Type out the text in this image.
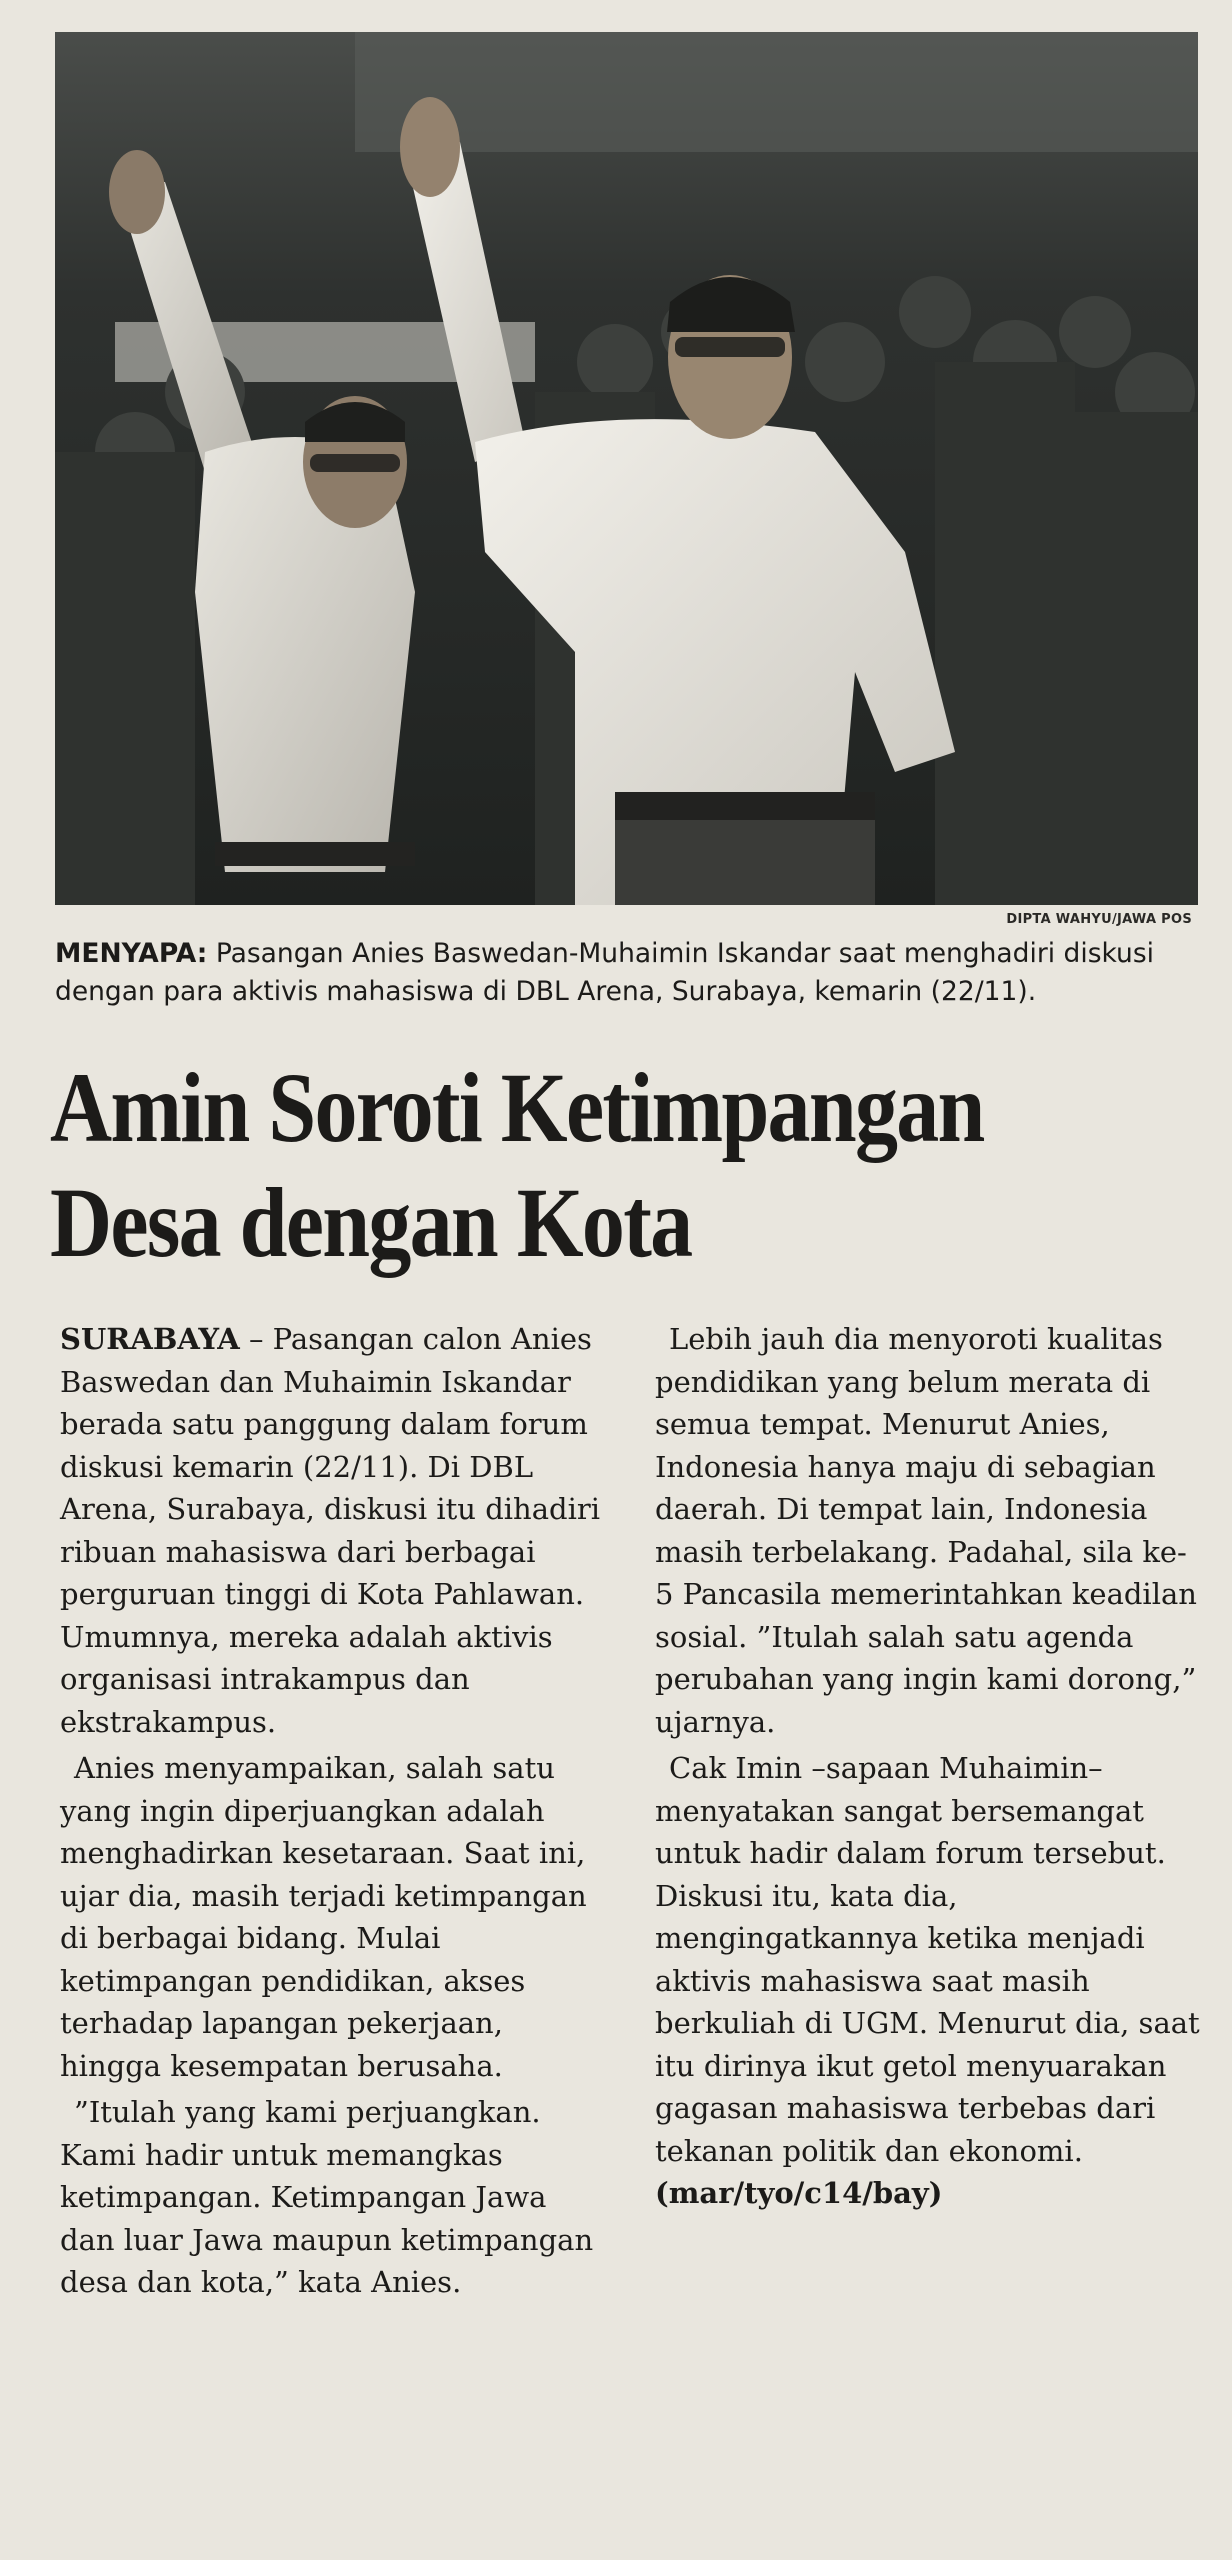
DIPTA WAHYU/JAWA POS
MENYAPA: Pasangan Anies Baswedan-Muhaimin Iskandar saat menghadiri diskusi dengan para aktivis mahasiswa di DBL Arena, Surabaya, kemarin (22/11).
Amin Soroti Ketimpangan
Desa dengan Kota

SURABAYA – Pasangan calon Anies Baswedan dan Muhaimin Iskandar berada satu panggung dalam forum diskusi kemarin (22/11). Di DBL Arena, Surabaya, diskusi itu dihadiri ribuan mahasiswa dari berbagai perguruan tinggi di Kota Pahlawan. Umumnya, mereka adalah aktivis organisasi intrakampus dan ekstrakampus.

Anies menyampaikan, salah satu yang ingin diperjuangkan adalah menghadirkan kesetaraan. Saat ini, ujar dia, masih terjadi ketimpangan di berbagai bidang. Mulai ketimpangan pendidikan, akses terhadap lapangan pekerjaan, hingga kesempatan berusaha.

”Itulah yang kami perjuangkan. Kami hadir untuk memangkas ketimpangan. Ketimpangan Jawa dan luar Jawa maupun ketimpangan desa dan kota,” kata Anies.

Lebih jauh dia menyoroti kualitas pendidikan yang belum merata di semua tempat. Menurut Anies, Indonesia hanya maju di sebagian daerah. Di tempat lain, Indonesia masih terbelakang. Padahal, sila ke-5 Pancasila memerintahkan keadilan sosial. ”Itulah salah satu agenda perubahan yang ingin kami dorong,” ujarnya.

Cak Imin –sapaan Muhaimin– menyatakan sangat bersemangat untuk hadir dalam forum tersebut. Diskusi itu, kata dia, mengingatkannya ketika menjadi aktivis mahasiswa saat masih berkuliah di UGM. Menurut dia, saat itu dirinya ikut getol menyuarakan gagasan mahasiswa terbebas dari tekanan politik dan ekonomi. (mar/tyo/c14/bay)
